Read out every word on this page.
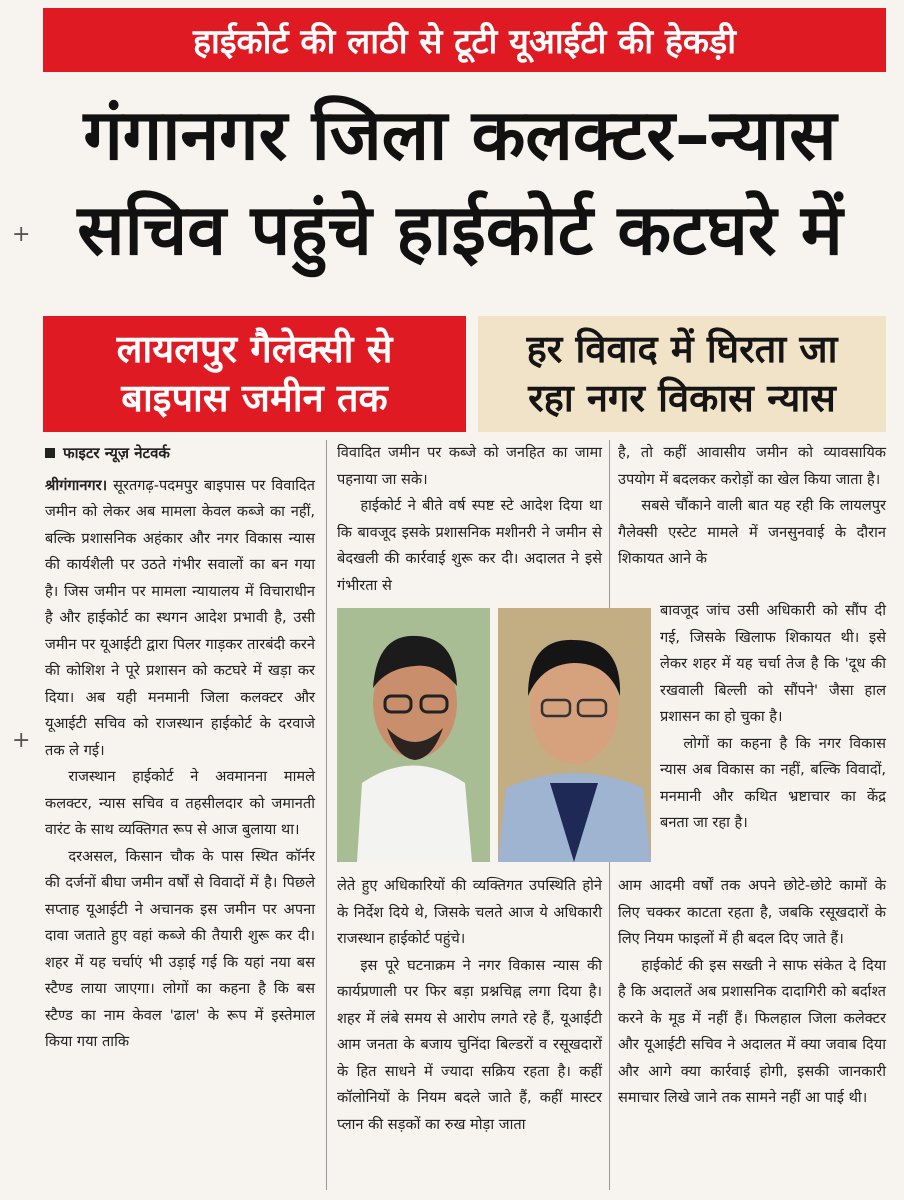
हाईकोर्ट की लाठी से टूटी यूआईटी की हेकड़ी
+
+
गंगानगर जिला कलक्टर–न्यास
सचिव पहुंचे हाईकोर्ट कटघरे में
लायलपुर गैलेक्सी से
बाइपास जमीन तक
हर विवाद में घिरता जा
रहा नगर विकास न्यास
फाइटर न्यूज़ नेटवर्क

श्रीगंगानगर। सूरतगढ़-पदमपुर बाइपास पर विवादित जमीन को लेकर अब मामला केवल कब्जे का नहीं, बल्कि प्रशासनिक अहंकार और नगर विकास न्यास की कार्यशैली पर उठते गंभीर सवालों का बन गया है। जिस जमीन पर मामला न्यायालय में विचाराधीन है और हाईकोर्ट का स्थगन आदेश प्रभावी है, उसी जमीन पर यूआईटी द्वारा पिलर गाड़कर तारबंदी करने की कोशिश ने पूरे प्रशासन को कटघरे में खड़ा कर दिया। अब यही मनमानी जिला कलक्टर और यूआईटी सचिव को राजस्थान हाईकोर्ट के दरवाजे तक ले गई।

राजस्थान हाईकोर्ट ने अवमानना मामले कलक्टर, न्यास सचिव व तहसीलदार को जमानती वारंट के साथ व्यक्तिगत रूप से आज बुलाया था।

दरअसल, किसान चौक के पास स्थित कॉर्नर की दर्जनों बीघा जमीन वर्षों से विवादों में है। पिछले सप्ताह यूआईटी ने अचानक इस जमीन पर अपना दावा जताते हुए वहां कब्जे की तैयारी शुरू कर दी। शहर में यह चर्चाएं भी उड़ाई गई कि यहां नया बस स्टैण्ड लाया जाएगा। लोगों का कहना है कि बस स्टैण्ड का नाम केवल 'ढाल' के रूप में इस्तेमाल किया गया ताकि

विवादित जमीन पर कब्जे को जनहित का जामा पहनाया जा सके।

हाईकोर्ट ने बीते वर्ष स्पष्ट स्टे आदेश दिया था कि बावजूद इसके प्रशासनिक मशीनरी ने जमीन से बेदखली की कार्रवाई शुरू कर दी। अदालत ने इसे गंभीरता से

लेते हुए अधिकारियों की व्यक्तिगत उपस्थिति होने के निर्देश दिये थे, जिसके चलते आज ये अधिकारी राजस्थान हाईकोर्ट पहुंचे।

इस पूरे घटनाक्रम ने नगर विकास न्यास की कार्यप्रणाली पर फिर बड़ा प्रश्नचिह्न लगा दिया है। शहर में लंबे समय से आरोप लगते रहे हैं, यूआईटी आम जनता के बजाय चुनिंदा बिल्डरों व रसूखदारों के हित साधने में ज्यादा सक्रिय रहता है। कहीं कॉलोनियों के नियम बदले जाते हैं, कहीं मास्टर प्लान की सड़कों का रुख मोड़ा जाता

है, तो कहीं आवासीय जमीन को व्यावसायिक उपयोग में बदलकर करोड़ों का खेल किया जाता है।

सबसे चौंकाने वाली बात यह रही कि लायलपुर गैलेक्सी एस्टेट मामले में जनसुनवाई के दौरान शिकायत आने के

बावजूद जांच उसी अधिकारी को सौंप दी गई, जिसके खिलाफ शिकायत थी। इसे लेकर शहर में यह चर्चा तेज है कि 'दूध की रखवाली बिल्ली को सौंपने' जैसा हाल प्रशासन का हो चुका है।

लोगों का कहना है कि नगर विकास न्यास अब विकास का नहीं, बल्कि विवादों, मनमानी और कथित भ्रष्टाचार का केंद्र बनता जा रहा है।

आम आदमी वर्षों तक अपने छोटे-छोटे कामों के लिए चक्कर काटता रहता है, जबकि रसूखदारों के लिए नियम फाइलों में ही बदल दिए जाते हैं।

हाईकोर्ट की इस सख्ती ने साफ संकेत दे दिया है कि अदालतें अब प्रशासनिक दादागिरी को बर्दाश्त करने के मूड में नहीं हैं। फिलहाल जिला कलेक्टर और यूआईटी सचिव ने अदालत में क्या जवाब दिया और आगे क्या कार्रवाई होगी, इसकी जानकारी समाचार लिखे जाने तक सामने नहीं आ पाई थी।
